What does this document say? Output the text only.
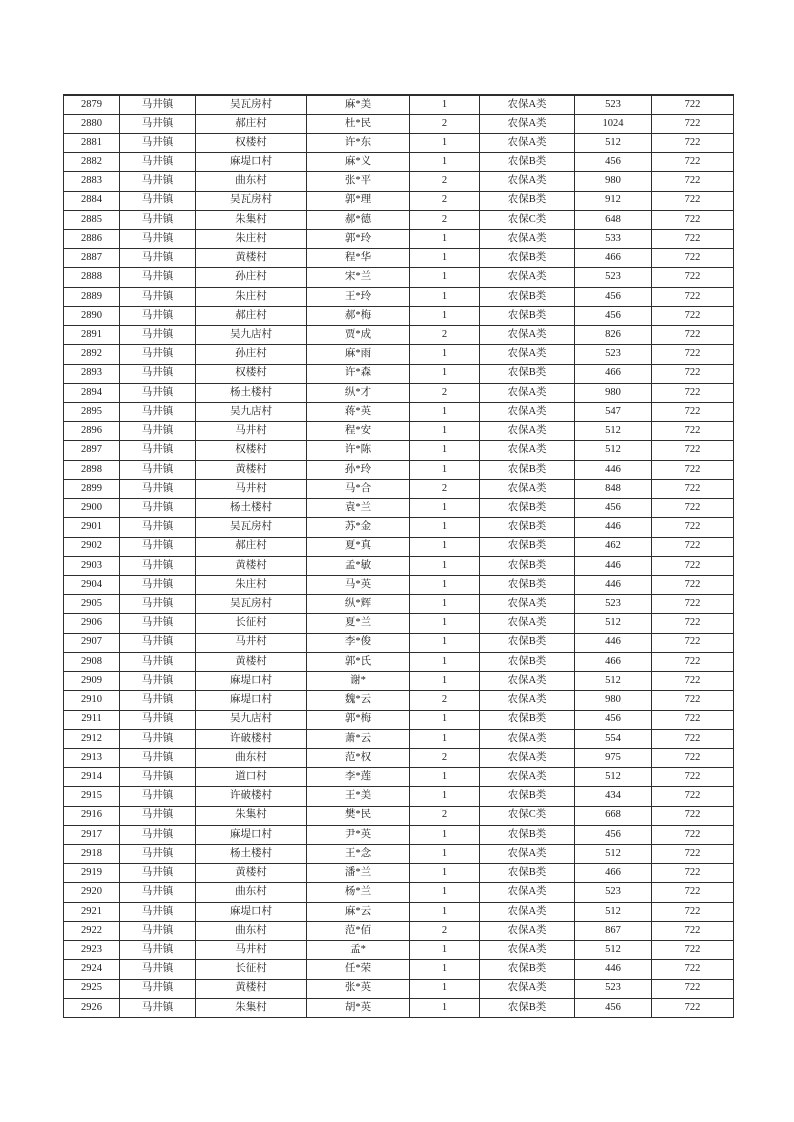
2879	马井镇	吴瓦房村	麻*美	1	农保A类	523	722
2880	马井镇	郝庄村	杜*民	2	农保A类	1024	722
2881	马井镇	权楼村	许*东	1	农保A类	512	722
2882	马井镇	麻堤口村	麻*义	1	农保B类	456	722
2883	马井镇	曲东村	张*平	2	农保A类	980	722
2884	马井镇	吴瓦房村	郭*理	2	农保B类	912	722
2885	马井镇	朱集村	郝*德	2	农保C类	648	722
2886	马井镇	朱庄村	郭*玲	1	农保A类	533	722
2887	马井镇	黄楼村	程*华	1	农保B类	466	722
2888	马井镇	孙庄村	宋*兰	1	农保A类	523	722
2889	马井镇	朱庄村	王*玲	1	农保B类	456	722
2890	马井镇	郝庄村	郝*梅	1	农保B类	456	722
2891	马井镇	吴九店村	贾*成	2	农保A类	826	722
2892	马井镇	孙庄村	麻*雨	1	农保A类	523	722
2893	马井镇	权楼村	许*森	1	农保B类	466	722
2894	马井镇	杨土楼村	纵*才	2	农保A类	980	722
2895	马井镇	吴九店村	蒋*英	1	农保A类	547	722
2896	马井镇	马井村	程*安	1	农保A类	512	722
2897	马井镇	权楼村	许*陈	1	农保A类	512	722
2898	马井镇	黄楼村	孙*玲	1	农保B类	446	722
2899	马井镇	马井村	马*合	2	农保A类	848	722
2900	马井镇	杨土楼村	袁*兰	1	农保B类	456	722
2901	马井镇	吴瓦房村	苏*金	1	农保B类	446	722
2902	马井镇	郝庄村	夏*真	1	农保B类	462	722
2903	马井镇	黄楼村	孟*敏	1	农保B类	446	722
2904	马井镇	朱庄村	马*英	1	农保B类	446	722
2905	马井镇	吴瓦房村	纵*辉	1	农保A类	523	722
2906	马井镇	长征村	夏*兰	1	农保A类	512	722
2907	马井镇	马井村	李*俊	1	农保B类	446	722
2908	马井镇	黄楼村	郭*氏	1	农保B类	466	722
2909	马井镇	麻堤口村	谢*	1	农保A类	512	722
2910	马井镇	麻堤口村	魏*云	2	农保A类	980	722
2911	马井镇	吴九店村	郭*梅	1	农保B类	456	722
2912	马井镇	许破楼村	萧*云	1	农保A类	554	722
2913	马井镇	曲东村	范*权	2	农保A类	975	722
2914	马井镇	道口村	李*莲	1	农保A类	512	722
2915	马井镇	许破楼村	王*美	1	农保B类	434	722
2916	马井镇	朱集村	樊*民	2	农保C类	668	722
2917	马井镇	麻堤口村	尹*英	1	农保B类	456	722
2918	马井镇	杨土楼村	王*念	1	农保A类	512	722
2919	马井镇	黄楼村	潘*兰	1	农保B类	466	722
2920	马井镇	曲东村	杨*兰	1	农保A类	523	722
2921	马井镇	麻堤口村	麻*云	1	农保A类	512	722
2922	马井镇	曲东村	范*佰	2	农保A类	867	722
2923	马井镇	马井村	孟*	1	农保A类	512	722
2924	马井镇	长征村	任*荣	1	农保B类	446	722
2925	马井镇	黄楼村	张*英	1	农保A类	523	722
2926	马井镇	朱集村	胡*英	1	农保B类	456	722
